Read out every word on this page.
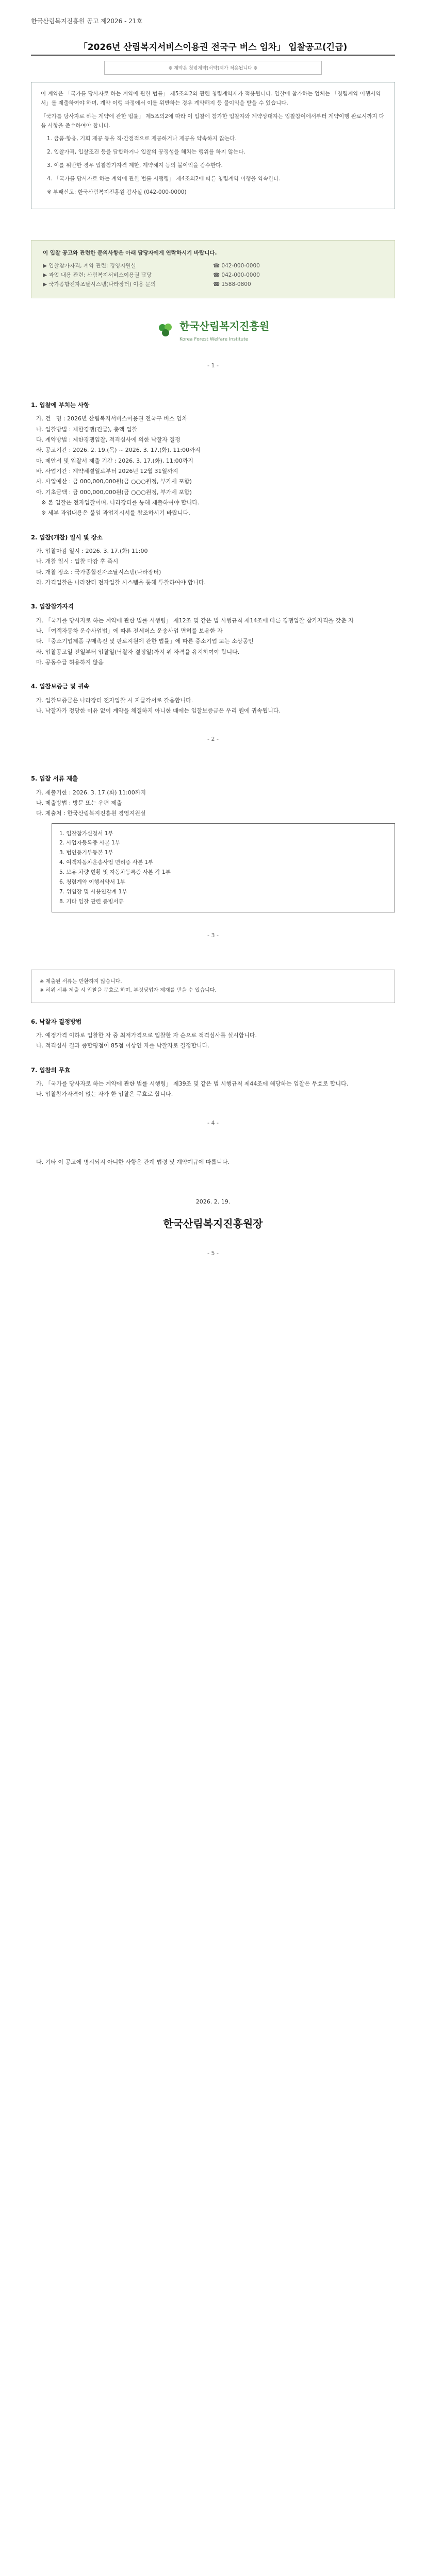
한국산림복지진흥원 공고 제2026 - 21호
「2026년 산림복지서비스이용권 전국구 버스 임차」 입찰공고(긴급)
※ 계약은 청렴계약(서약)제가 적용됩니다 ※

이 계약은 「국가를 당사자로 하는 계약에 관한 법률」 제5조의2와 관련 청렴계약제가 적용됩니다. 입찰에 참가하는 업체는 「청렴계약 이행서약서」를 제출하여야 하며, 계약 이행 과정에서 이를 위반하는 경우 계약해지 등 불이익을 받을 수 있습니다.

「국가를 당사자로 하는 계약에 관한 법률」 제5조의2에 따라 이 입찰에 참가한 입찰자와 계약상대자는 입찰참여에서부터 계약이행 완료시까지 다음 사항을 준수하여야 합니다.

1. 금품·향응, 기회 제공 등을 직·간접적으로 제공하거나 제공을 약속하지 않는다.

2. 입찰가격, 입찰조건 등을 담합하거나 입찰의 공정성을 해치는 행위를 하지 않는다.

3. 이를 위반한 경우 입찰참가자격 제한, 계약해지 등의 불이익을 감수한다.

4. 「국가를 당사자로 하는 계약에 관한 법률 시행령」 제4조의2에 따른 청렴계약 이행을 약속한다.

※ 부패신고: 한국산림복지진흥원 감사실 (042-000-0000)

이 입찰 공고와 관련한 문의사항은 아래 담당자에게 연락하시기 바랍니다.
▶ 입찰참가자격, 계약 관련: 경영지원실	☎ 042-000-0000
▶ 과업 내용 관련: 산림복지서비스이용권 담당	☎ 042-000-0000
▶ 국가종합전자조달시스템(나라장터) 이용 문의	☎ 1588-0800
한국산림복지진흥원
Korea Forest Welfare Institute
- 1 -
1. 입찰에 부치는 사항
가. 건   명 : 2026년 산림복지서비스이용권 전국구 버스 임차
나. 입찰방법 : 제한경쟁(긴급), 총액 입찰
다. 계약방법 : 제한경쟁입찰, 적격심사에 의한 낙찰자 결정
라. 공고기간 : 2026. 2. 19.(목) ~ 2026. 3. 17.(화), 11:00까지
마. 제안서 및 입찰서 제출 기간 : 2026. 3. 17.(화), 11:00까지
바. 사업기간 : 계약체결일로부터 2026년 12월 31일까지
사. 사업예산 : 금 000,000,000원(금 ○○○원정, 부가세 포함)
아. 기초금액 : 금 000,000,000원(금 ○○○원정, 부가세 포함)
※ 본 입찰은 전자입찰이며, 나라장터를 통해 제출하여야 합니다.
※ 세부 과업내용은 붙임 과업지시서를 참조하시기 바랍니다.
2. 입찰(개찰) 일시 및 장소
가. 입찰마감 일시 : 2026. 3. 17.(화) 11:00
나. 개찰 일시 : 입찰 마감 후 즉시
다. 개찰 장소 : 국가종합전자조달시스템(나라장터)
라. 가격입찰은 나라장터 전자입찰 시스템을 통해 투찰하여야 합니다.
3. 입찰참가자격
가. 「국가를 당사자로 하는 계약에 관한 법률 시행령」 제12조 및 같은 법 시행규칙 제14조에 따른 경쟁입찰 참가자격을 갖춘 자
나. 「여객자동차 운수사업법」에 따른 전세버스 운송사업 면허를 보유한 자
다. 「중소기업제품 구매촉진 및 판로지원에 관한 법률」에 따른 중소기업 또는 소상공인
라. 입찰공고일 전일부터 입찰일(낙찰자 결정일)까지 위 자격을 유지하여야 합니다.
마. 공동수급 허용하지 않음
4. 입찰보증금 및 귀속
가. 입찰보증금은 나라장터 전자입찰 시 지급각서로 갈음합니다.
나. 낙찰자가 정당한 이유 없이 계약을 체결하지 아니한 때에는 입찰보증금은 우리 원에 귀속됩니다.
- 2 -
5. 입찰 서류 제출
가. 제출기한 : 2026. 3. 17.(화) 11:00까지
나. 제출방법 : 방문 또는 우편 제출
다. 제출처 : 한국산림복지진흥원 경영지원실
1. 입찰참가신청서 1부
2. 사업자등록증 사본 1부
3. 법인등기부등본 1부
4. 여객자동차운송사업 면허증 사본 1부
5. 보유 차량 현황 및 자동차등록증 사본 각 1부
6. 청렴계약 이행서약서 1부
7. 위임장 및 사용인감계 1부
8. 기타 입찰 관련 증빙서류
- 3 -
※ 제출된 서류는 반환하지 않습니다.
※ 허위 서류 제출 시 입찰을 무효로 하며, 부정당업자 제재를 받을 수 있습니다.
6. 낙찰자 결정방법
가. 예정가격 이하로 입찰한 자 중 최저가격으로 입찰한 자 순으로 적격심사를 실시합니다.
나. 적격심사 결과 종합평점이 85점 이상인 자를 낙찰자로 결정합니다.
7. 입찰의 무효
가. 「국가를 당사자로 하는 계약에 관한 법률 시행령」 제39조 및 같은 법 시행규칙 제44조에 해당하는 입찰은 무효로 합니다.
나. 입찰참가자격이 없는 자가 한 입찰은 무효로 합니다.
- 4 -
다. 기타 이 공고에 명시되지 아니한 사항은 관계 법령 및 계약예규에 따릅니다.
2026. 2. 19.
한국산림복지진흥원장
- 5 -
